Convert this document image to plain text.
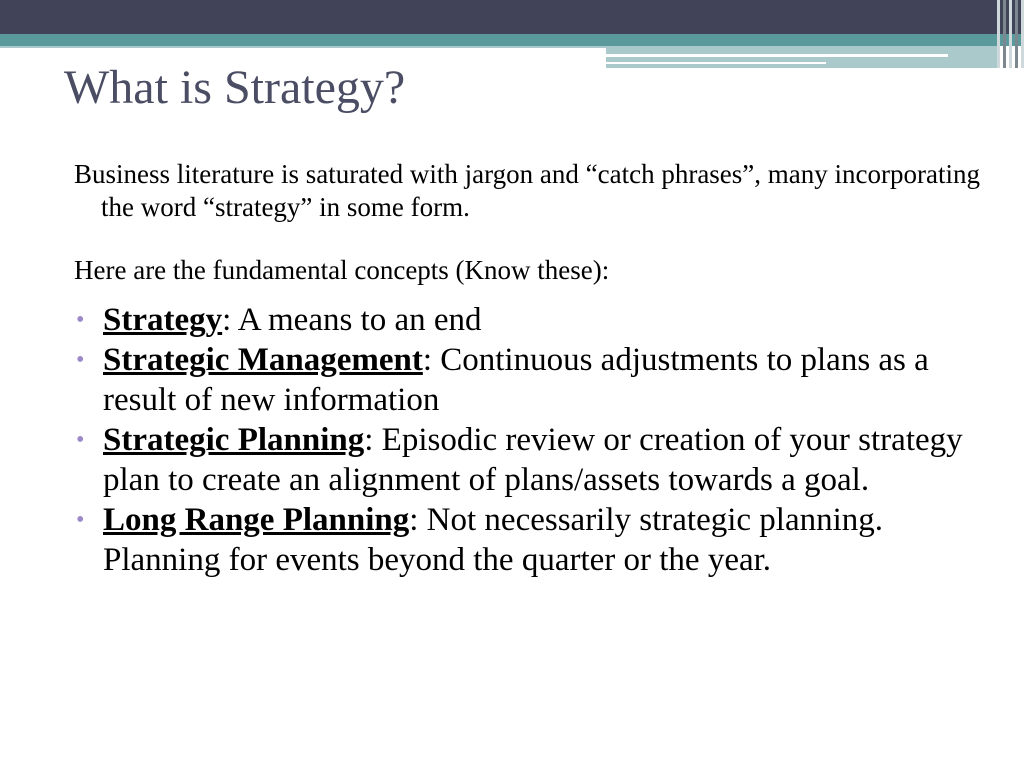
What is Strategy?

Business literature is saturated with jargon and “catch phrases”, many incorporating the word “strategy” in some form.

Here are the fundamental concepts (Know these):

• Strategy: A means to an end
• Strategic Management: Continuous adjustments to plans as a result of new information
• Strategic Planning: Episodic review or creation of your strategy plan to create an alignment of plans/assets towards a goal.
• Long Range Planning: Not necessarily strategic planning. Planning for events beyond the quarter or the year.
